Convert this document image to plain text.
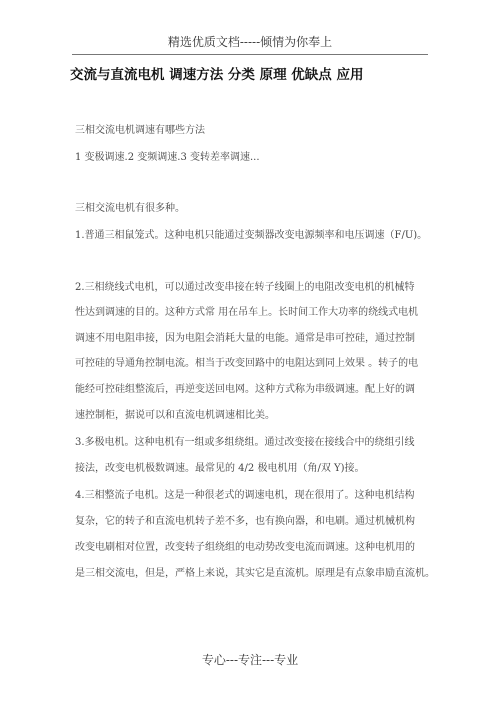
精选优质文档-----倾情为你奉上
交流与直流电机 调速方法 分类 原理 优缺点 应用
三相交流电机调速有哪些方法
1 变极调速.2 变频调速.3 变转差率调速...
三相交流电机有很多种。
1.普通三相鼠笼式。这种电机只能通过变频器改变电源频率和电压调速（F/U)。
2.三相绕线式电机，可以通过改变串接在转子线圈上的电阻改变电机的机械特
性达到调速的目的。这种方式常 用在吊车上。长时间工作大功率的绕线式电机
调速不用电阻串接，因为电阻会消耗大量的电能。通常是串可控硅，通过控制
可控硅的导通角控制电流。相当于改变回路中的电阻达到同上效果 。转子的电
能经可控硅组整流后，再逆变送回电网。这种方式称为串级调速。配上好的调
速控制柜，据说可以和直流电机调速相比美。
3.多极电机。这种电机有一组或多组绕组。通过改变接在接线合中的绕组引线
接法，改变电机极数调速。最常见的 4/2 极电机用（角/双 Y)接。
4.三相整流子电机。这是一种很老式的调速电机，现在很用了。这种电机结构
复杂，它的转子和直流电机转子差不多，也有换向器，和电刷。通过机械机构
改变电刷相对位置，改变转子组绕组的电动势改变电流而调速。这种电机用的
是三相交流电，但是，严格上来说，其实它是直流机。原理是有点象串励直流机。
专心---专注---专业
